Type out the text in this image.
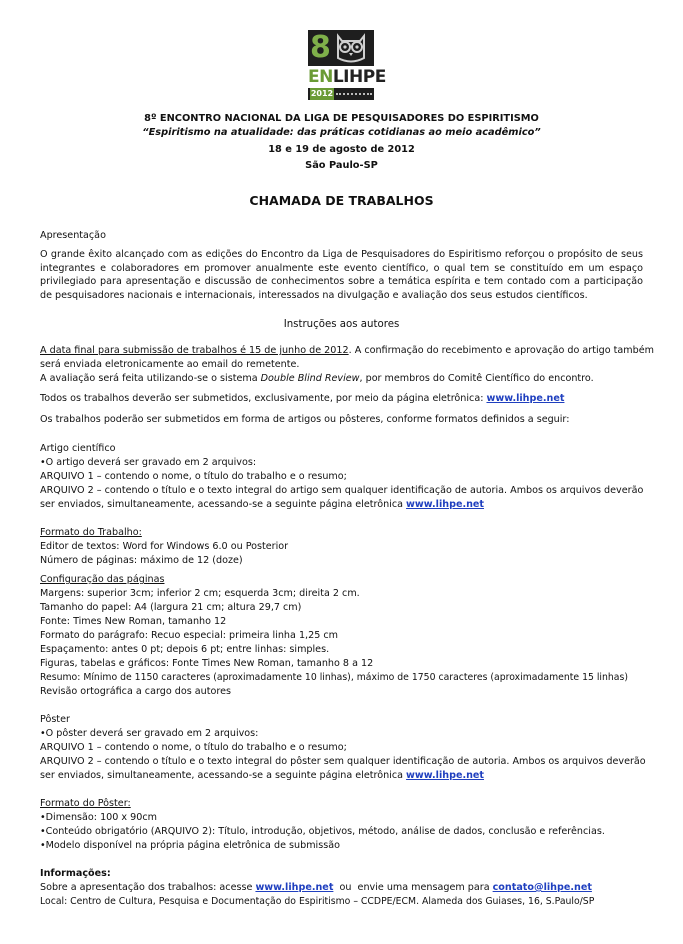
8
ENLIHPE
2012
8º ENCONTRO NACIONAL DA LIGA DE PESQUISADORES DO ESPIRITISMO
“Espiritismo na atualidade: das práticas cotidianas ao meio acadêmico”
18 e 19 de agosto de 2012
São Paulo-SP
CHAMADA DE TRABALHOS
Apresentação
O grande êxito alcançado com as edições do Encontro da Liga de Pesquisadores do Espiritismo reforçou o propósito de seus integrantes e colaboradores em promover anualmente este evento científico, o qual tem se constituído em um espaço privilegiado para apresentação e discussão de conhecimentos sobre a temática espírita e tem contado com a participação de pesquisadores nacionais e internacionais, interessados na divulgação e avaliação dos seus estudos científicos.
Instruções aos autores
A data final para submissão de trabalhos é 15 de junho de 2012. A confirmação do recebimento e aprovação do artigo também
será enviada eletronicamente ao email do remetente.
A avaliação será feita utilizando-se o sistema Double Blind Review, por membros do Comitê Científico do encontro.
Todos os trabalhos deverão ser submetidos, exclusivamente, por meio da página eletrônica: www.lihpe.net
Os trabalhos poderão ser submetidos em forma de artigos ou pôsteres, conforme formatos definidos a seguir:
Artigo científico
•O artigo deverá ser gravado em 2 arquivos:
ARQUIVO 1 – contendo o nome, o título do trabalho e o resumo;
ARQUIVO 2 – contendo o título e o texto integral do artigo sem qualquer identificação de autoria. Ambos os arquivos deverão
ser enviados, simultaneamente, acessando-se a seguinte página eletrônica www.lihpe.net
Formato do Trabalho:
Editor de textos: Word for Windows 6.0 ou Posterior
Número de páginas: máximo de 12 (doze)
Configuração das páginas
Margens: superior 3cm; inferior 2 cm; esquerda 3cm; direita 2 cm.
Tamanho do papel: A4 (largura 21 cm; altura 29,7 cm)
Fonte: Times New Roman, tamanho 12
Formato do parágrafo: Recuo especial: primeira linha 1,25 cm
Espaçamento: antes 0 pt; depois 6 pt; entre linhas: simples.
Figuras, tabelas e gráficos: Fonte Times New Roman, tamanho 8 a 12
Resumo: Mínimo de 1150 caracteres (aproximadamente 10 linhas), máximo de 1750 caracteres (aproximadamente 15 linhas)
Revisão ortográfica a cargo dos autores
Pôster
•O pôster deverá ser gravado em 2 arquivos:
ARQUIVO 1 – contendo o nome, o título do trabalho e o resumo;
ARQUIVO 2 – contendo o título e o texto integral do pôster sem qualquer identificação de autoria. Ambos os arquivos deverão
ser enviados, simultaneamente, acessando-se a seguinte página eletrônica www.lihpe.net
Formato do Pôster:
•Dimensão: 100 x 90cm
•Conteúdo obrigatório (ARQUIVO 2): Título, introdução, objetivos, método, análise de dados, conclusão e referências.
•Modelo disponível na própria página eletrônica de submissão
Informações:
Sobre a apresentação dos trabalhos: acesse www.lihpe.net  ou  envie uma mensagem para contato@lihpe.net
Local: Centro de Cultura, Pesquisa e Documentação do Espiritismo – CCDPE/ECM. Alameda dos Guiases, 16, S.Paulo/SP
